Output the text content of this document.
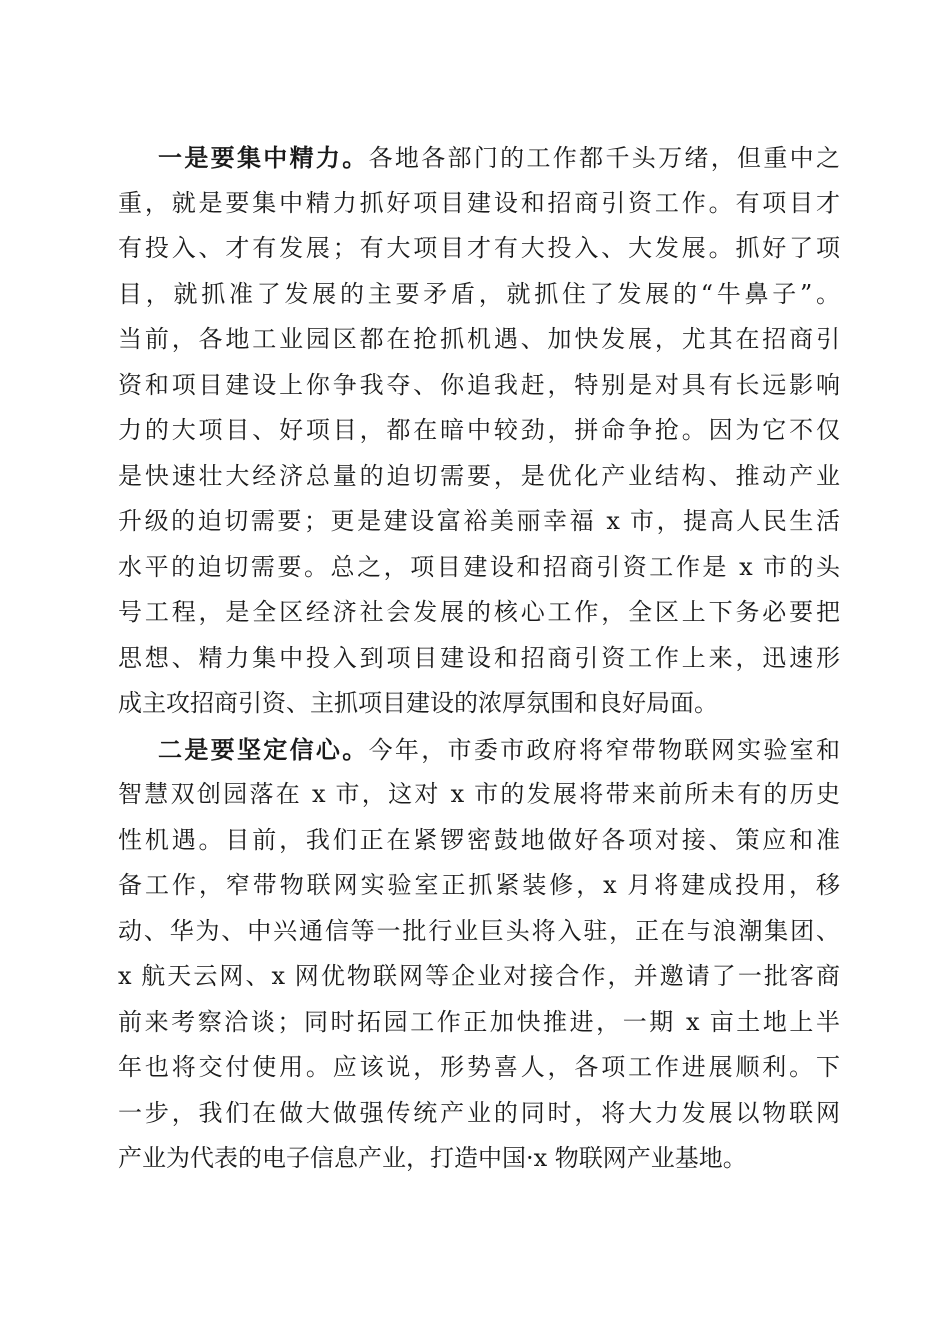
一是要集中精力。各地各部门的工作都千头万绪，但重中之
重，就是要集中精力抓好项目建设和招商引资工作。有项目才
有投入、才有发展；有大项目才有大投入、大发展。抓好了项
目，就抓准了发展的主要矛盾，就抓住了发展的“牛鼻子”。
当前，各地工业园区都在抢抓机遇、加快发展，尤其在招商引
资和项目建设上你争我夺、你追我赶，特别是对具有长远影响
力的大项目、好项目，都在暗中较劲，拼命争抢。因为它不仅
是快速壮大经济总量的迫切需要，是优化产业结构、推动产业
升级的迫切需要；更是建设富裕美丽幸福 x 市，提高人民生活
水平的迫切需要。总之，项目建设和招商引资工作是 x 市的头
号工程，是全区经济社会发展的核心工作，全区上下务必要把
思想、精力集中投入到项目建设和招商引资工作上来，迅速形
成主攻招商引资、主抓项目建设的浓厚氛围和良好局面。
二是要坚定信心。今年，市委市政府将窄带物联网实验室和
智慧双创园落在 x 市，这对 x 市的发展将带来前所未有的历史
性机遇。目前，我们正在紧锣密鼓地做好各项对接、策应和准
备工作，窄带物联网实验室正抓紧装修，x 月将建成投用，移
动、华为、中兴通信等一批行业巨头将入驻，正在与浪潮集团、
x 航天云网、x 网优物联网等企业对接合作，并邀请了一批客商
前来考察洽谈；同时拓园工作正加快推进，一期 x 亩土地上半
年也将交付使用。应该说，形势喜人，各项工作进展顺利。下
一步，我们在做大做强传统产业的同时，将大力发展以物联网
产业为代表的电子信息产业，打造中国·x 物联网产业基地。
